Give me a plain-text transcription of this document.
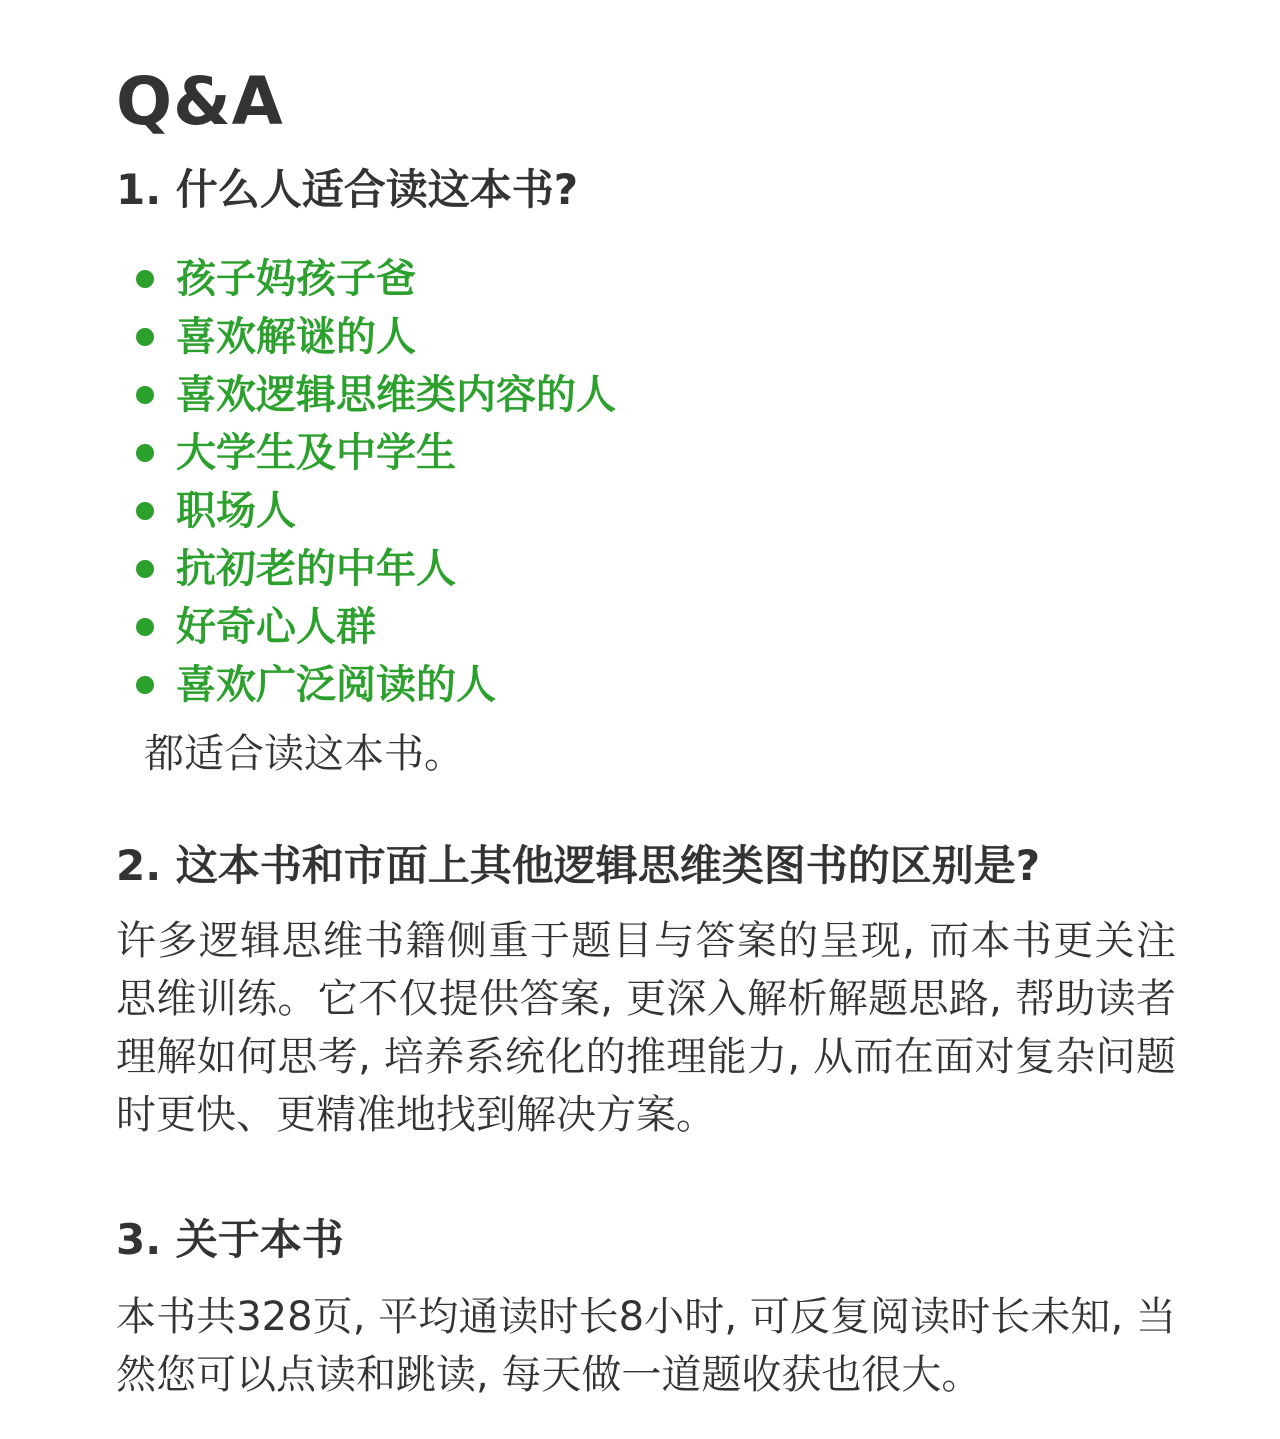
Q&A
1. 什么人适合读这本书?
孩子妈孩子爸
喜欢解谜的人
喜欢逻辑思维类内容的人
大学生及中学生
职场人
抗初老的中年人
好奇心人群
喜欢广泛阅读的人

都适合读这本书。

2. 这本书和市面上其他逻辑思维类图书的区别是?

许多逻辑思维书籍侧重于题目与答案的呈现, 而本书更关注思维训练。它不仅提供答案, 更深入解析解题思路, 帮助读者理解如何思考, 培养系统化的推理能力, 从而在面对复杂问题时更快、更精准地找到解决方案。

3. 关于本书

本书共328页, 平均通读时长8小时, 可反复阅读时长未知, 当然您可以点读和跳读, 每天做一道题收获也很大。
